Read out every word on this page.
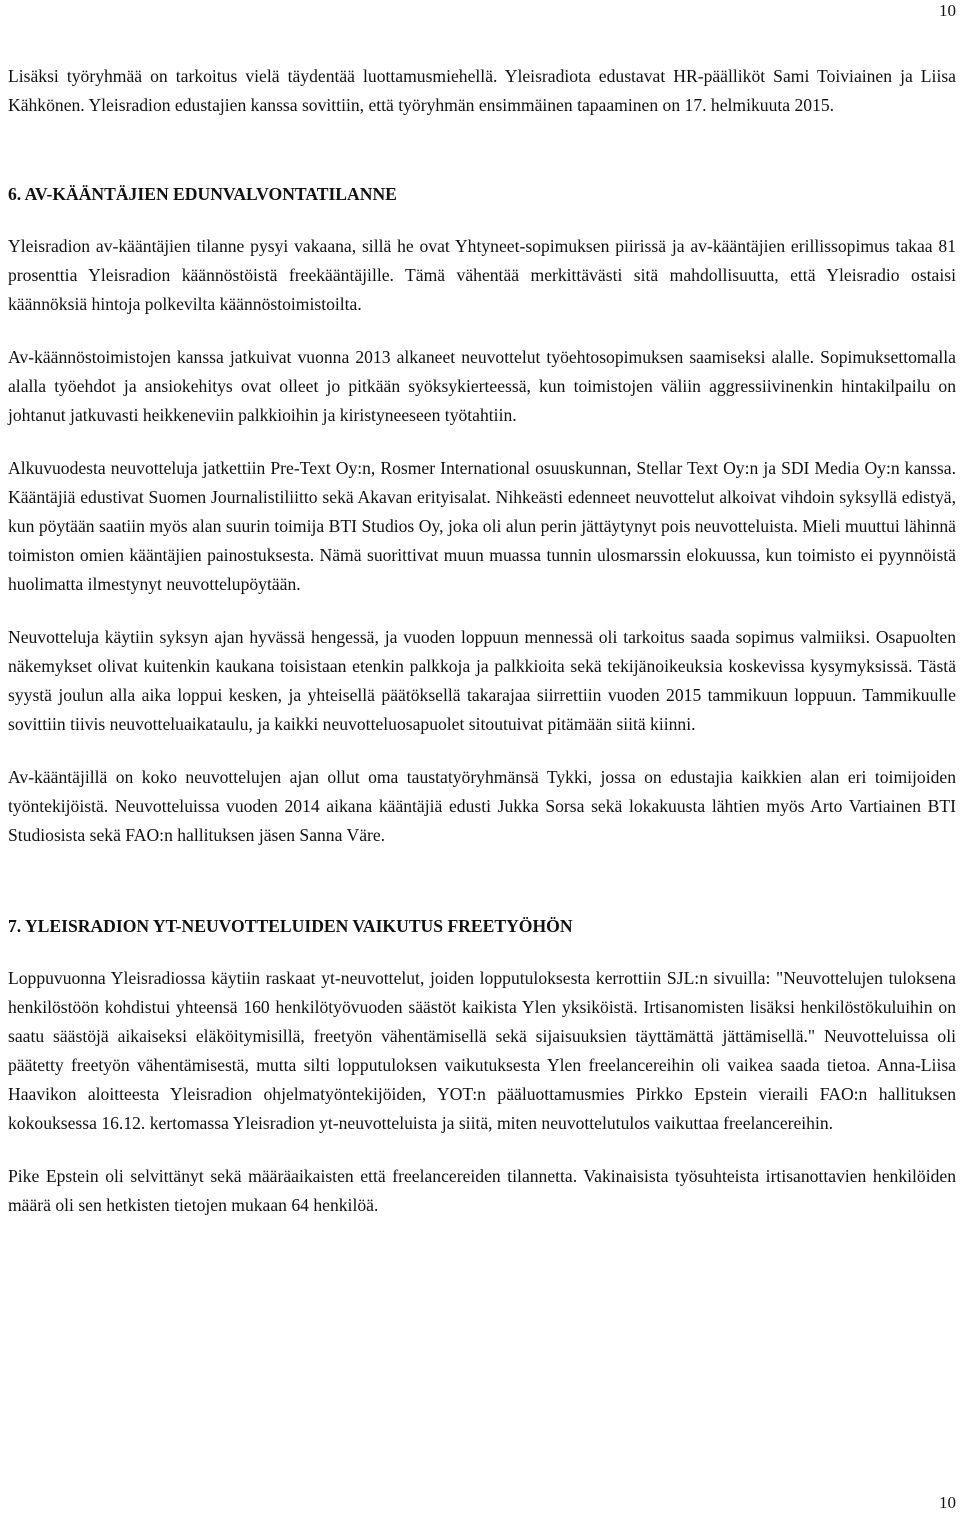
10

Lisäksi työryhmää on tarkoitus vielä täydentää luottamusmiehellä. Yleisradiota edustavat HR-päälliköt Sami Toiviainen ja Liisa Kähkönen. Yleisradion edustajien kanssa sovittiin, että työryhmän ensimmäinen tapaaminen on 17. helmikuuta 2015.

6. AV-KÄÄNTÄJIEN EDUNVALVONTATILANNE

Yleisradion av-kääntäjien tilanne pysyi vakaana, sillä he ovat Yhtyneet-sopimuksen piirissä ja av-kääntäjien erillissopimus takaa 81 prosenttia Yleisradion käännöstöistä freekääntäjille. Tämä vähentää merkittävästi sitä mahdollisuutta, että Yleisradio ostaisi käännöksiä hintoja polkevilta käännöstoimistoilta.

Av-käännöstoimistojen kanssa jatkuivat vuonna 2013 alkaneet neuvottelut työehtosopimuksen saamiseksi alalle. Sopimuksettomalla alalla työehdot ja ansiokehitys ovat olleet jo pitkään syöksykierteessä, kun toimistojen väliin aggressiivinenkin hintakilpailu on johtanut jatkuvasti heikkeneviin palkkioihin ja kiristyneeseen työtahtiin.

Alkuvuodesta neuvotteluja jatkettiin Pre-Text Oy:n, Rosmer International osuuskunnan, Stellar Text Oy:n ja SDI Media Oy:n kanssa. Kääntäjiä edustivat Suomen Journalistiliitto sekä Akavan erityisalat. Nihkeästi edenneet neuvottelut alkoivat vihdoin syksyllä edistyä, kun pöytään saatiin myös alan suurin toimija BTI Studios Oy, joka oli alun perin jättäytynyt pois neuvotteluista. Mieli muuttui lähinnä toimiston omien kääntäjien painostuksesta. Nämä suorittivat muun muassa tunnin ulosmarssin elokuussa, kun toimisto ei pyynnöistä huolimatta ilmestynyt neuvottelupöytään.

Neuvotteluja käytiin syksyn ajan hyvässä hengessä, ja vuoden loppuun mennessä oli tarkoitus saada sopimus valmiiksi. Osapuolten näkemykset olivat kuitenkin kaukana toisistaan etenkin palkkoja ja palkkioita sekä tekijänoikeuksia koskevissa kysymyksissä. Tästä syystä joulun alla aika loppui kesken, ja yhteisellä päätöksellä takarajaa siirrettiin vuoden 2015 tammikuun loppuun. Tammikuulle sovittiin tiivis neuvotteluaikataulu, ja kaikki neuvotteluosapuolet sitoutuivat pitämään siitä kiinni.

Av-kääntäjillä on koko neuvottelujen ajan ollut oma taustatyöryhmänsä Tykki, jossa on edustajia kaikkien alan eri toimijoiden työntekijöistä. Neuvotteluissa vuoden 2014 aikana kääntäjiä edusti Jukka Sorsa sekä lokakuusta lähtien myös Arto Vartiainen BTI Studiosista sekä FAO:n hallituksen jäsen Sanna Väre.

7. YLEISRADION YT-NEUVOTTELUIDEN VAIKUTUS FREETYÖHÖN

Loppuvuonna Yleisradiossa käytiin raskaat yt-neuvottelut, joiden lopputuloksesta kerrottiin SJL:n sivuilla: "Neuvottelujen tuloksena henkilöstöön kohdistui yhteensä 160 henkilötyövuoden säästöt kaikista Ylen yksiköistä. Irtisanomisten lisäksi henkilöstökuluihin on saatu säästöjä aikaiseksi eläköitymisillä, freetyön vähentämisellä sekä sijaisuuksien täyttämättä jättämisellä." Neuvotteluissa oli päätetty freetyön vähentämisestä, mutta silti lopputuloksen vaikutuksesta Ylen freelancereihin oli vaikea saada tietoa. Anna-Liisa Haavikon aloitteesta Yleisradion ohjelmatyöntekijöiden, YOT:n pääluottamusmies Pirkko Epstein vieraili FAO:n hallituksen kokouksessa 16.12. kertomassa Yleisradion yt-neuvotteluista ja siitä, miten neuvottelutulos vaikuttaa freelancereihin.

Pike Epstein oli selvittänyt sekä määräaikaisten että freelancereiden tilannetta. Vakinaisista työsuhteista irtisanottavien henkilöiden määrä oli sen hetkisten tietojen mukaan 64 henkilöä.

10
